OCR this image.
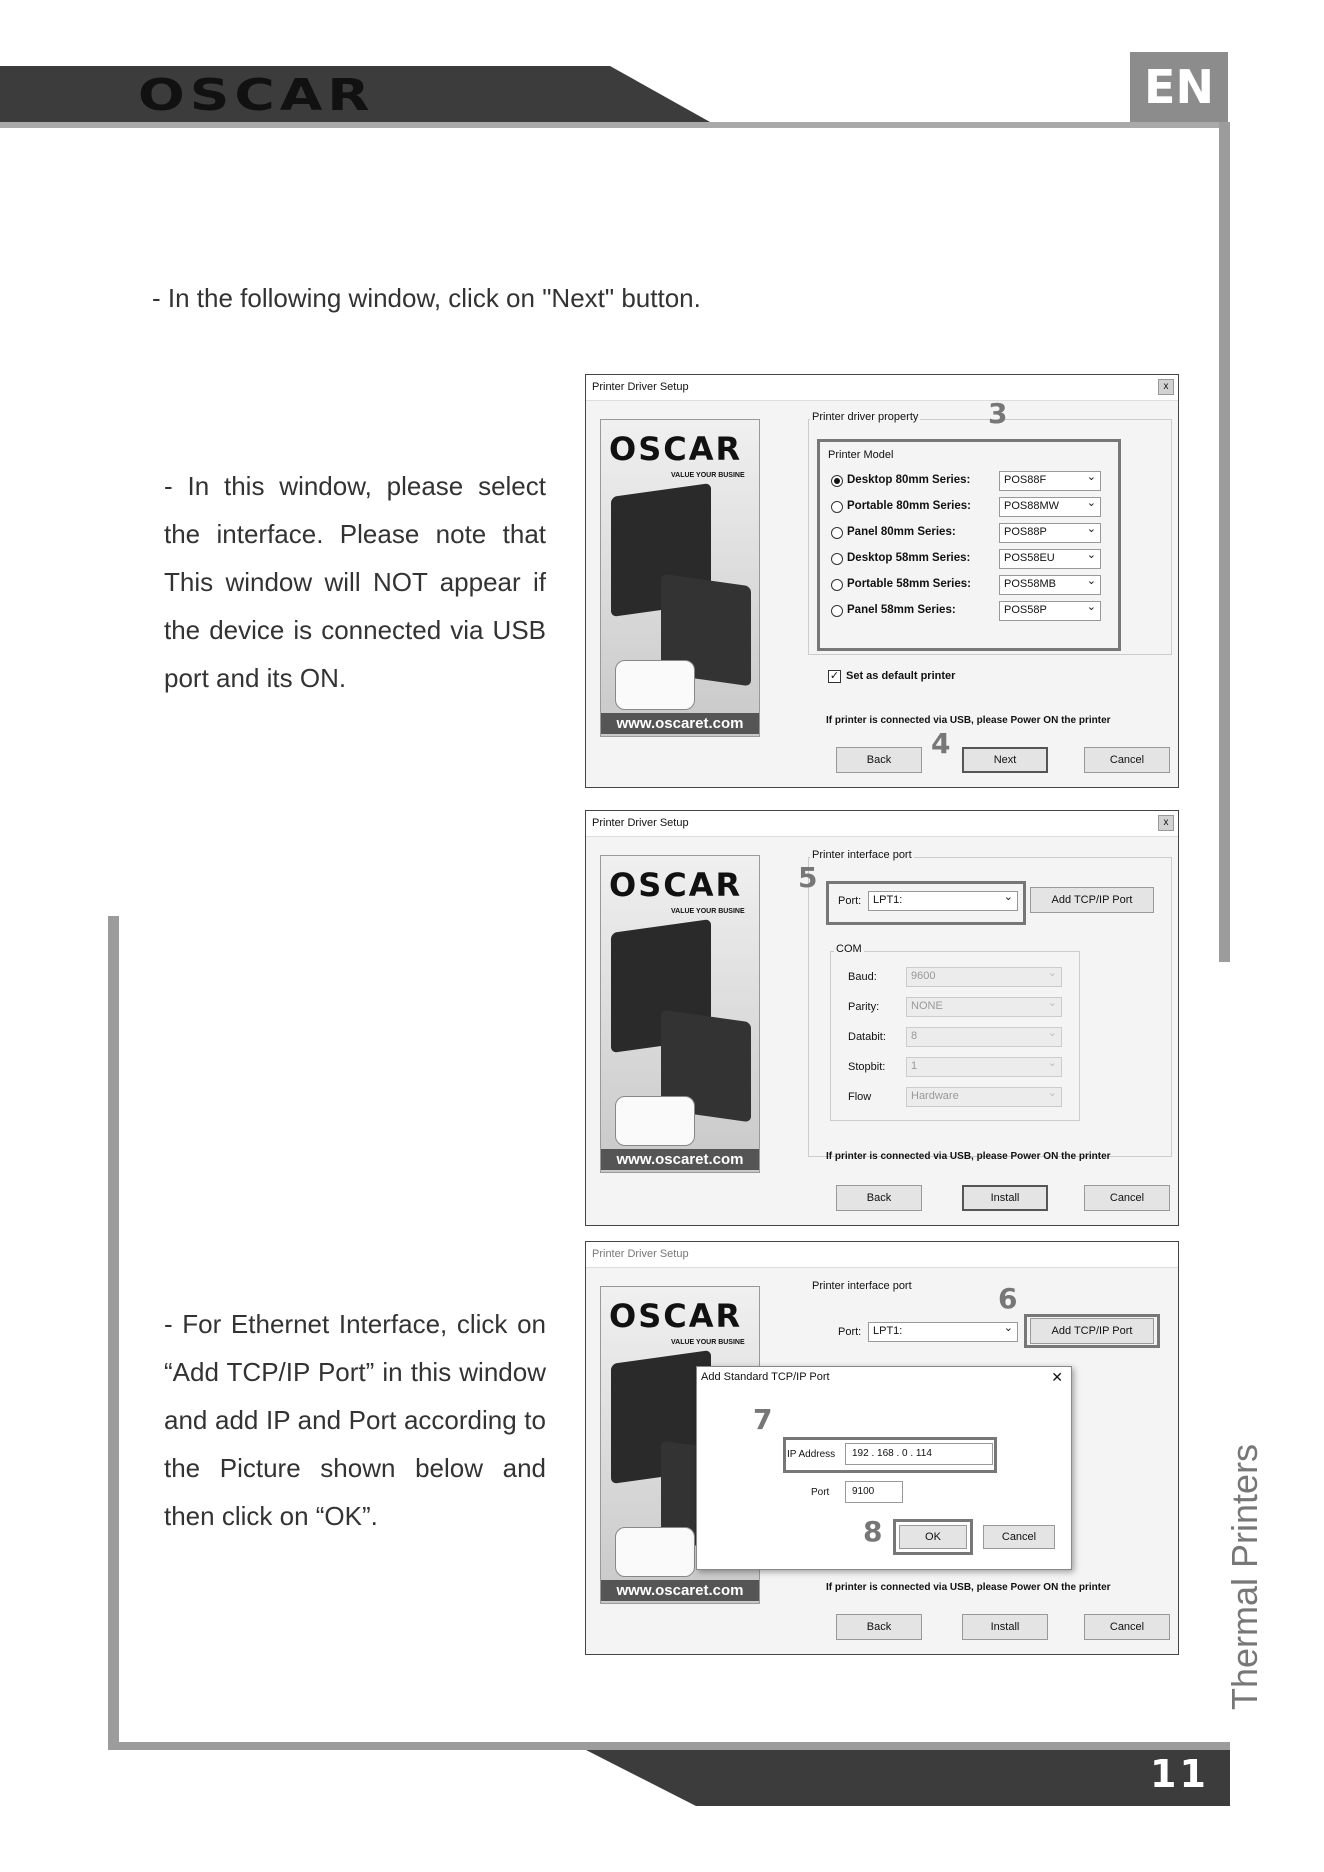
OSCAR	EN
11
Thermal Printers

- In the following window, click on "Next" button.

- In this window, please select the interface. Please note that This window will NOT appear if the device is connected via USB port and its ON.

- For Ethernet Interface, click on “Add TCP/IP Port” in this window and add IP and Port according to the Picture shown below and then click on “OK”.

Printer Driver Setup	x
OSCAR
VALUE YOUR BUSINE
www.oscaret.com
Printer driver property 3
Printer Model
Desktop 80mm Series:	POS88F ⌄
Portable 80mm Series:	POS88MW ⌄
Panel 80mm Series:	POS88P ⌄
Desktop 58mm Series:	POS58EU ⌄
Portable 58mm Series:	POS58MB ⌄
Panel 58mm Series:	POS58P ⌄
✓ Set as default printer
If printer is connected via USB, please Power ON the printer
Back	4	Next	Cancel
Printer Driver Setup	x
OSCAR
VALUE YOUR BUSINE
www.oscaret.com
Printer interface port
5
Port:	LPT1: ⌄	Add TCP/IP Port
COM
Baud:	9600 ⌄
Parity:	NONE ⌄
Databit:	8 ⌄
Stopbit:	1 ⌄
Flow	Hardware ⌄
If printer is connected via USB, please Power ON the printer
Back	Install	Cancel
Printer Driver Setup
OSCAR
VALUE YOUR BUSINE
www.oscaret.com
Printer interface port
Port:	LPT1: ⌄
6
Add TCP/IP Port
Add Standard TCP/IP Port	✕
7
IP Address	192 . 168 . 0 . 114
Port	9100
8	OK	Cancel
If printer is connected via USB, please Power ON the printer
Back	Install	Cancel
